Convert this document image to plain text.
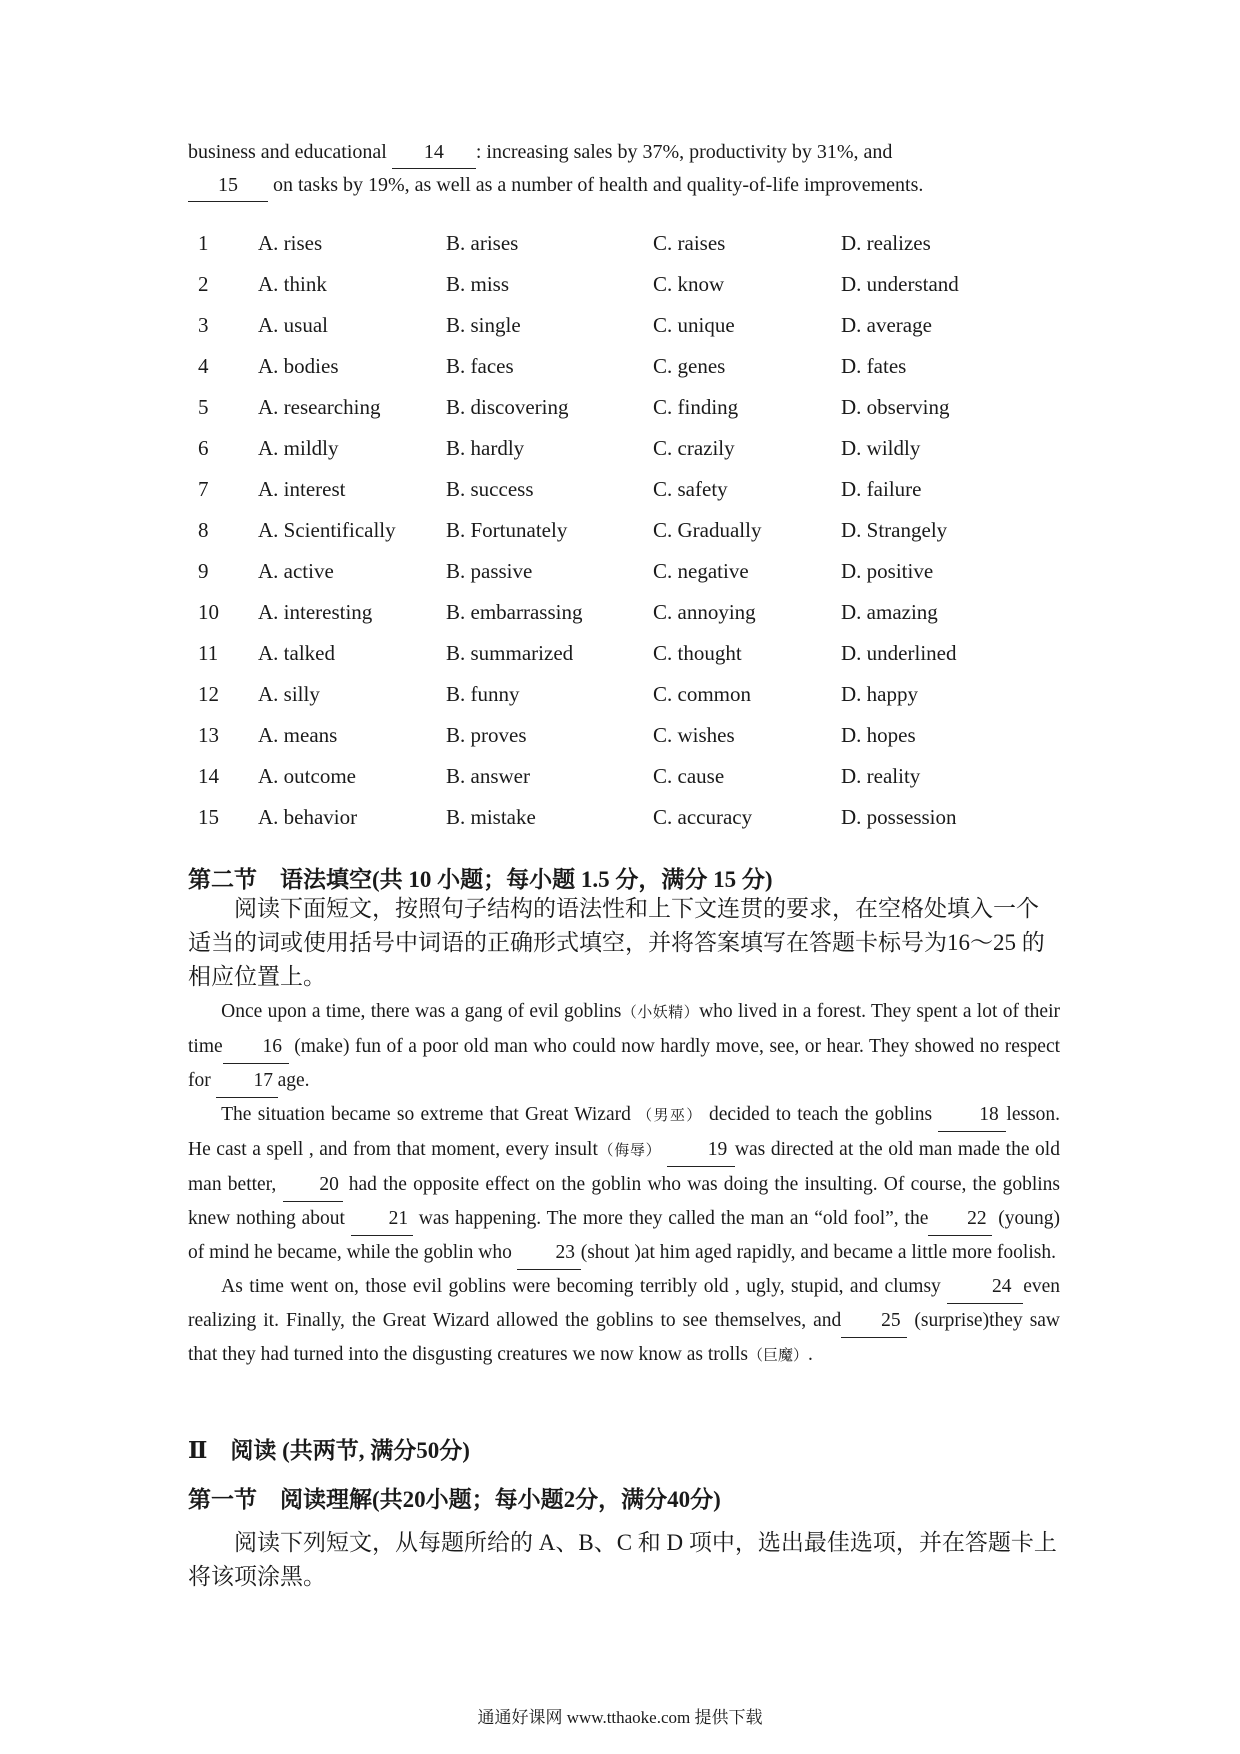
business and educational 14 : increasing sales by 37%, productivity by 31%, and

15 on tasks by 19%, as well as a number of health and quality-of-life improvements.

1	A. rises	B. arises	C. raises	D. realizes
2	A. think	B. miss	C. know	D. understand
3	A. usual	B. single	C. unique	D. average
4	A. bodies	B. faces	C. genes	D. fates
5	A. researching	B. discovering	C. finding	D. observing
6	A. mildly	B. hardly	C. crazily	D. wildly
7	A. interest	B. success	C. safety	D. failure
8	A. Scientifically	B. Fortunately	C. Gradually	D. Strangely
9	A. active	B. passive	C. negative	D. positive
10	A. interesting	B. embarrassing	C. annoying	D. amazing
11	A. talked	B. summarized	C. thought	D. underlined
12	A. silly	B. funny	C. common	D. happy
13	A. means	B. proves	C. wishes	D. hopes
14	A. outcome	B. answer	C. cause	D. reality
15	A. behavior	B. mistake	C. accuracy	D. possession
第二节　语法填空(共 10 小题；每小题 1.5 分，满分 15 分)

阅读下面短文，按照句子结构的语法性和上下文连贯的要求，在空格处填入一个适当的词或使用括号中词语的正确形式填空，并将答案填写在答题卡标号为16～25 的相应位置上。

Once upon a time, there was a gang of evil goblins（小妖精）who lived in a forest. They spent a lot of their time 16 (make) fun of a poor old man who could now hardly move, see, or hear. They showed no respect for 17 age.

The situation became so extreme that Great Wizard （男巫） decided to teach the goblins 18 lesson. He cast a spell , and from that moment, every insult（侮辱） 19 was directed at the old man made the old man better, 20 had the opposite effect on the goblin who was doing the insulting. Of course, the goblins knew nothing about 21 was happening. The more they called the man an “old fool”, the 22 (young) of mind he became, while the goblin who 23 (shout )at him aged rapidly, and became a little more foolish.

As time went on, those evil goblins were becoming terribly old , ugly, stupid, and clumsy	24 even realizing it. Finally, the Great Wizard allowed the goblins to see themselves, and 25 (surprise)they saw that they had turned into the disgusting creatures we now know as trolls（巨魔）.

Ⅱ　阅读 (共两节, 满分50分)
第一节　阅读理解(共20小题；每小题2分，满分40分)

阅读下列短文，从每题所给的 A、B、C 和 D 项中，选出最佳选项，并在答题卡上将该项涂黑。

通通好课网 www.tthaoke.com 提供下载
